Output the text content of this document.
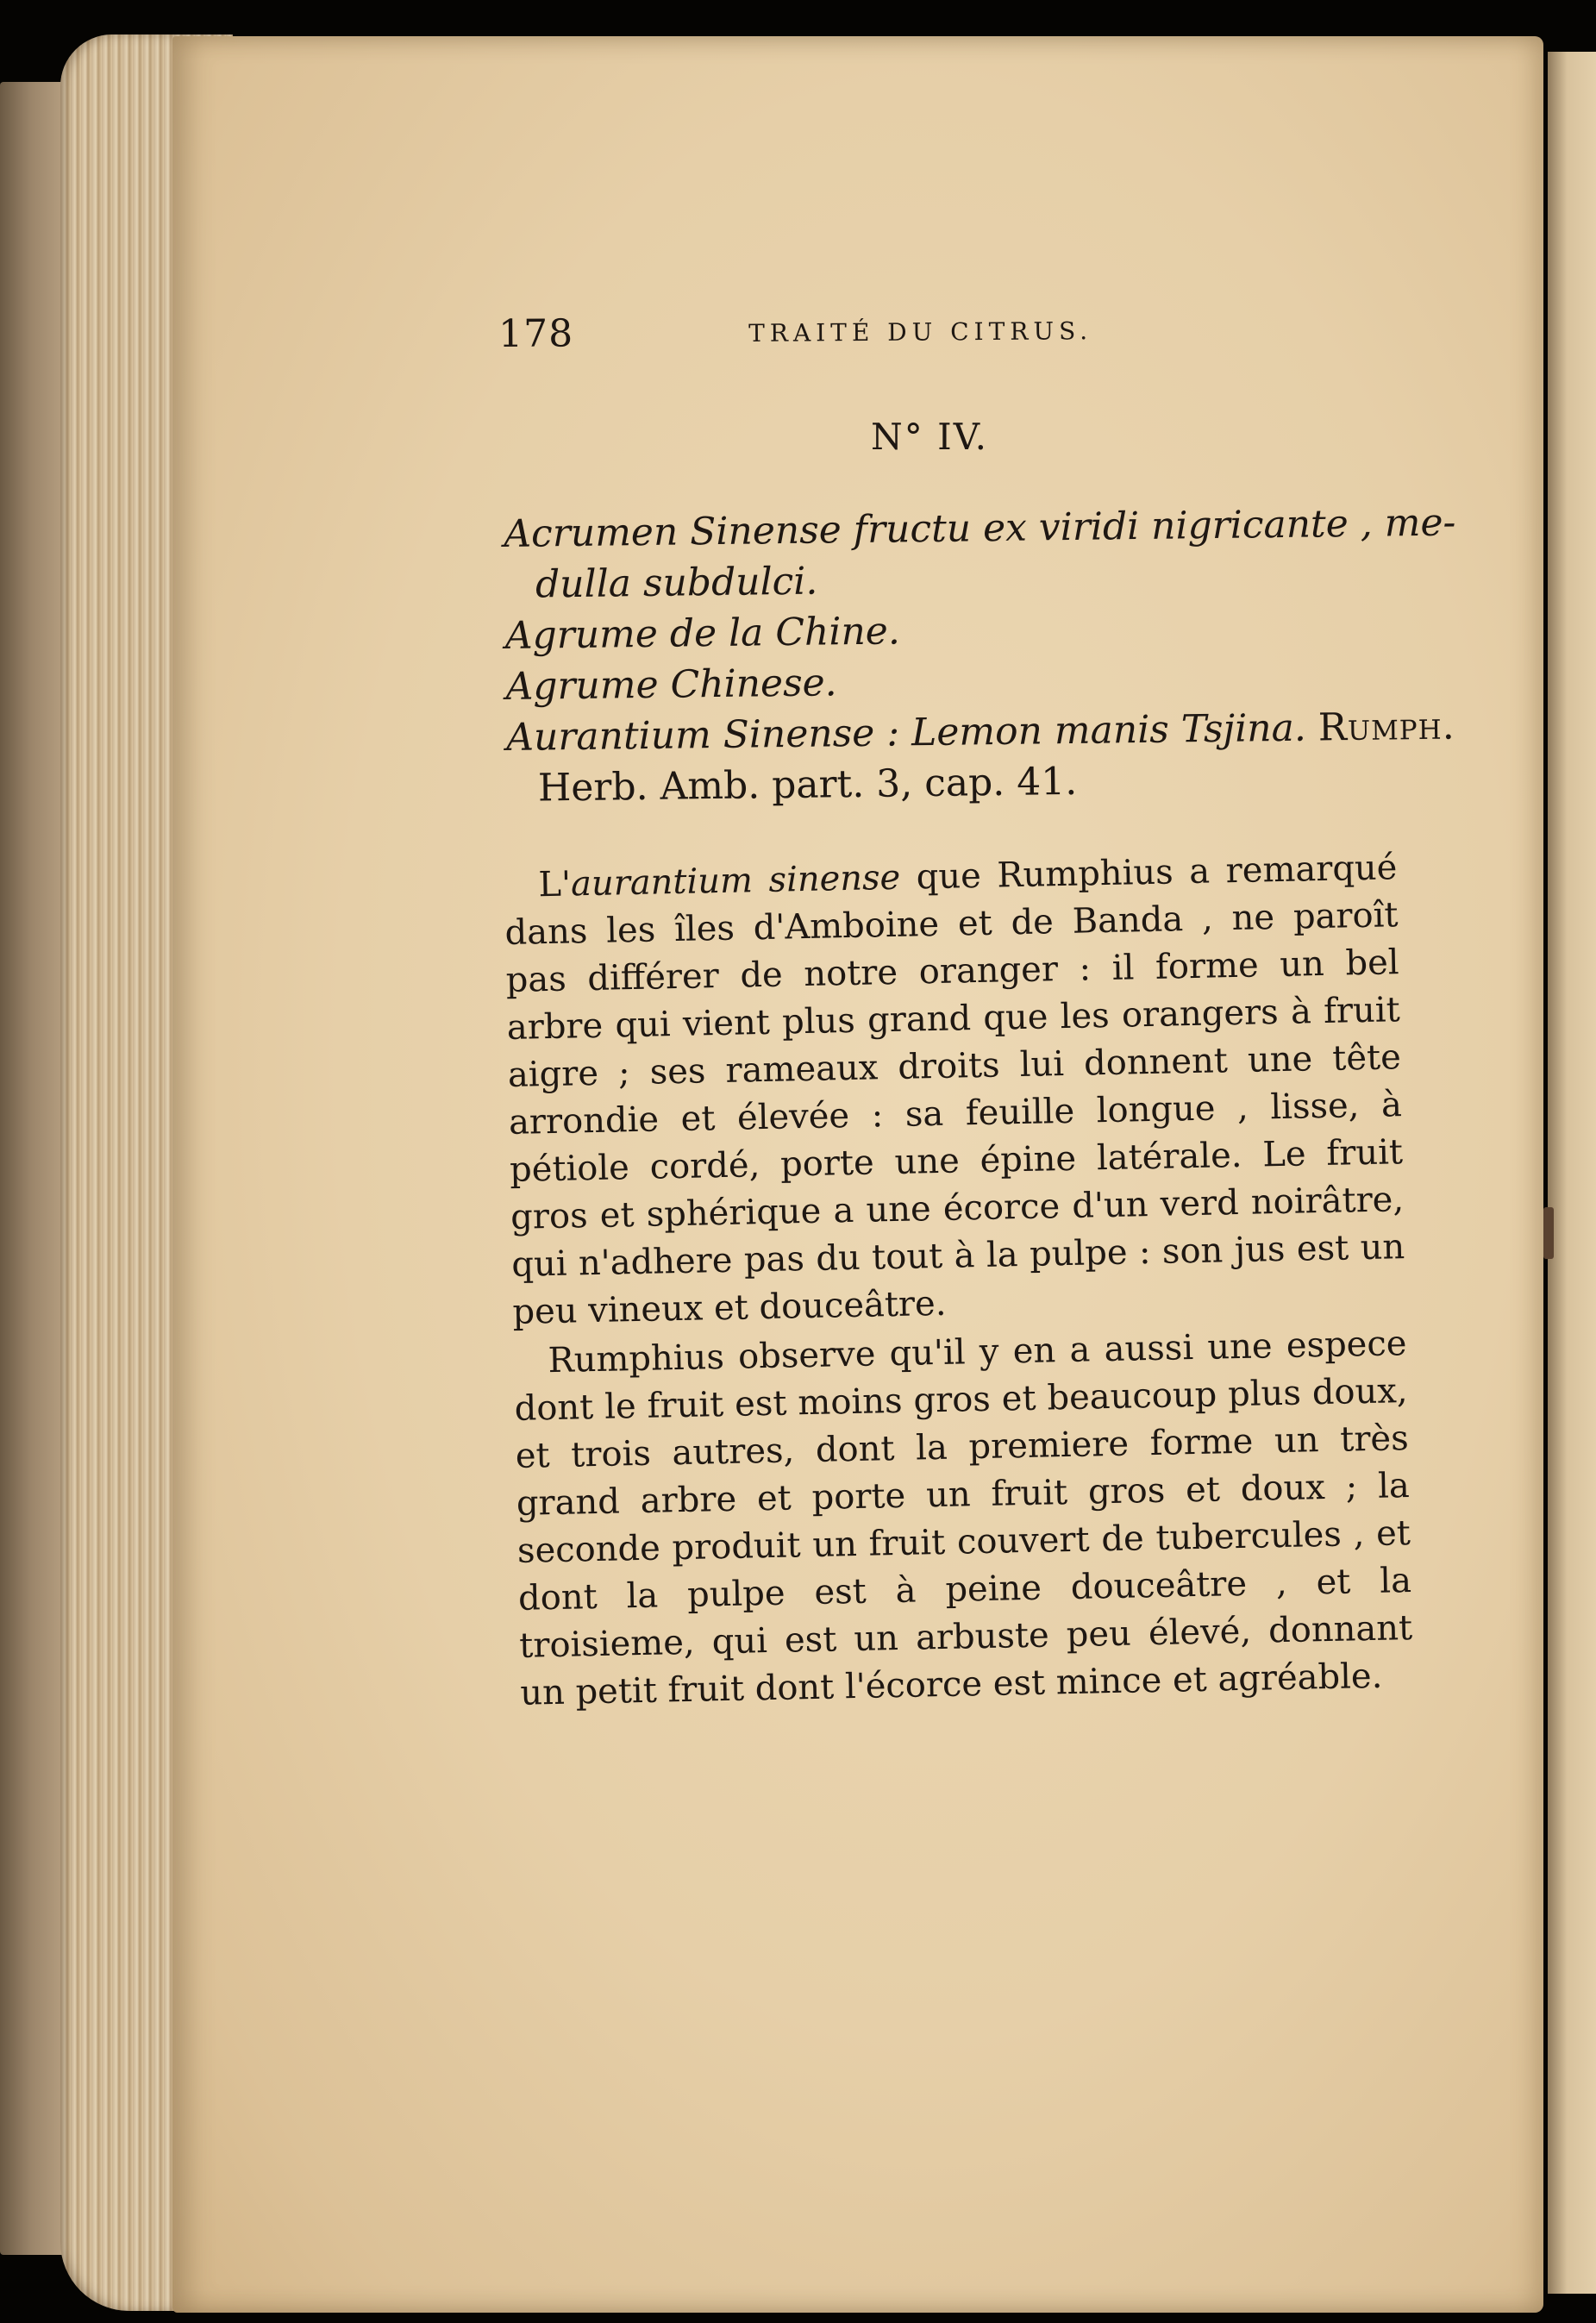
178	TRAITÉ DU CITRUS.
N° IV.
Acrumen Sinense fructu ex viridi nigricante , me-
dulla subdulci.
Agrume de la Chine.
Agrume Chinese.
Aurantium Sinense : Lemon manis Tsjina. Rumph.
Herb. Amb. part. 3, cap. 41.

L'aurantium sinense que Rumphius a remarqué dans les îles d'Amboine et de Banda , ne paroît pas différer de notre oranger : il forme un bel arbre qui vient plus grand que les orangers à fruit aigre ; ses rameaux droits lui donnent une tête arrondie et élevée : sa feuille longue , lisse, à pétiole cordé, porte une épine latérale. Le fruit gros et sphérique a une écorce d'un verd noirâtre, qui n'adhere pas du tout à la pulpe : son jus est un peu vineux et douceâtre.

Rumphius observe qu'il y en a aussi une espece dont le fruit est moins gros et beaucoup plus doux, et trois autres, dont la premiere forme un très grand arbre et porte un fruit gros et doux ; la seconde produit un fruit couvert de tubercules , et dont la pulpe est à peine douceâtre , et la troisieme, qui est un arbuste peu élevé, donnant un petit fruit dont l'écorce est mince et agréable.
